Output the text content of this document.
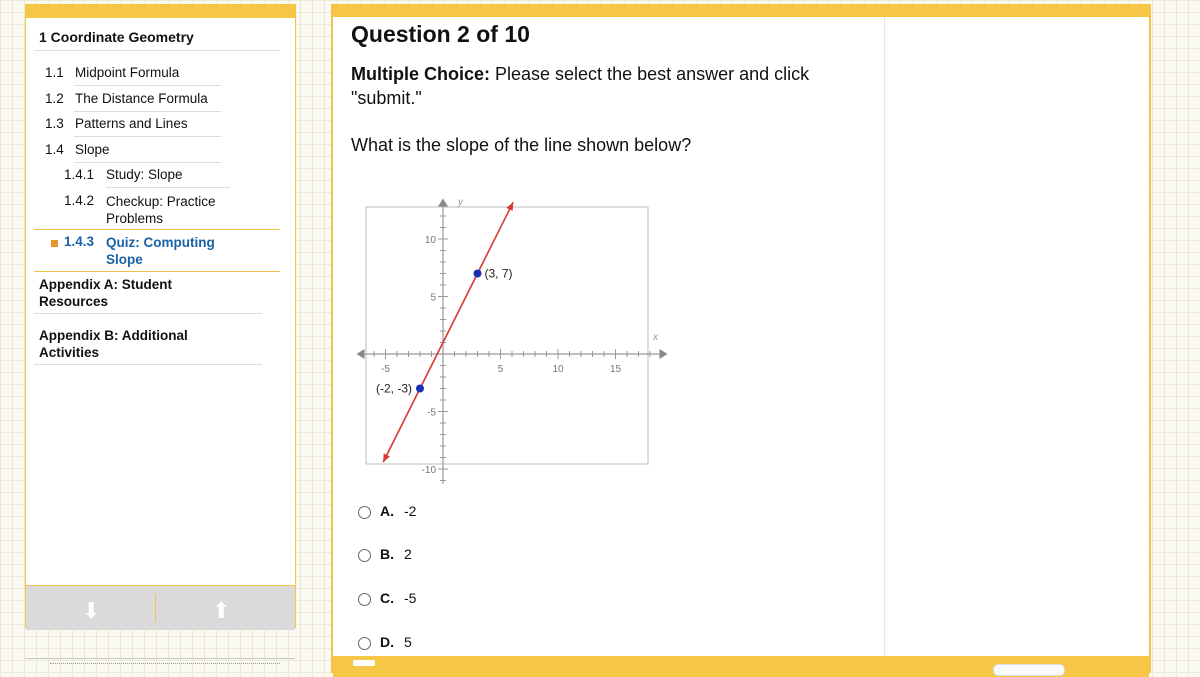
1 Coordinate Geometry
1.1 Midpoint Formula
1.2 The Distance Formula
1.3 Patterns and Lines
1.4 Slope
1.4.1 Study: Slope
1.4.2 Checkup: Practice Problems
1.4.3 Quiz: Computing Slope
Appendix A: Student Resources
Appendix B: Additional Activities
⬇	⬆
Question 2 of 10
Multiple Choice: Please select the best answer and click "submit."
What is the slope of the line shown below?
-5	5	10	15
10
5
-5
-10
(3, 7)
(-2, -3)
x
y
A. -2
B. 2
C. -5
D. 5
